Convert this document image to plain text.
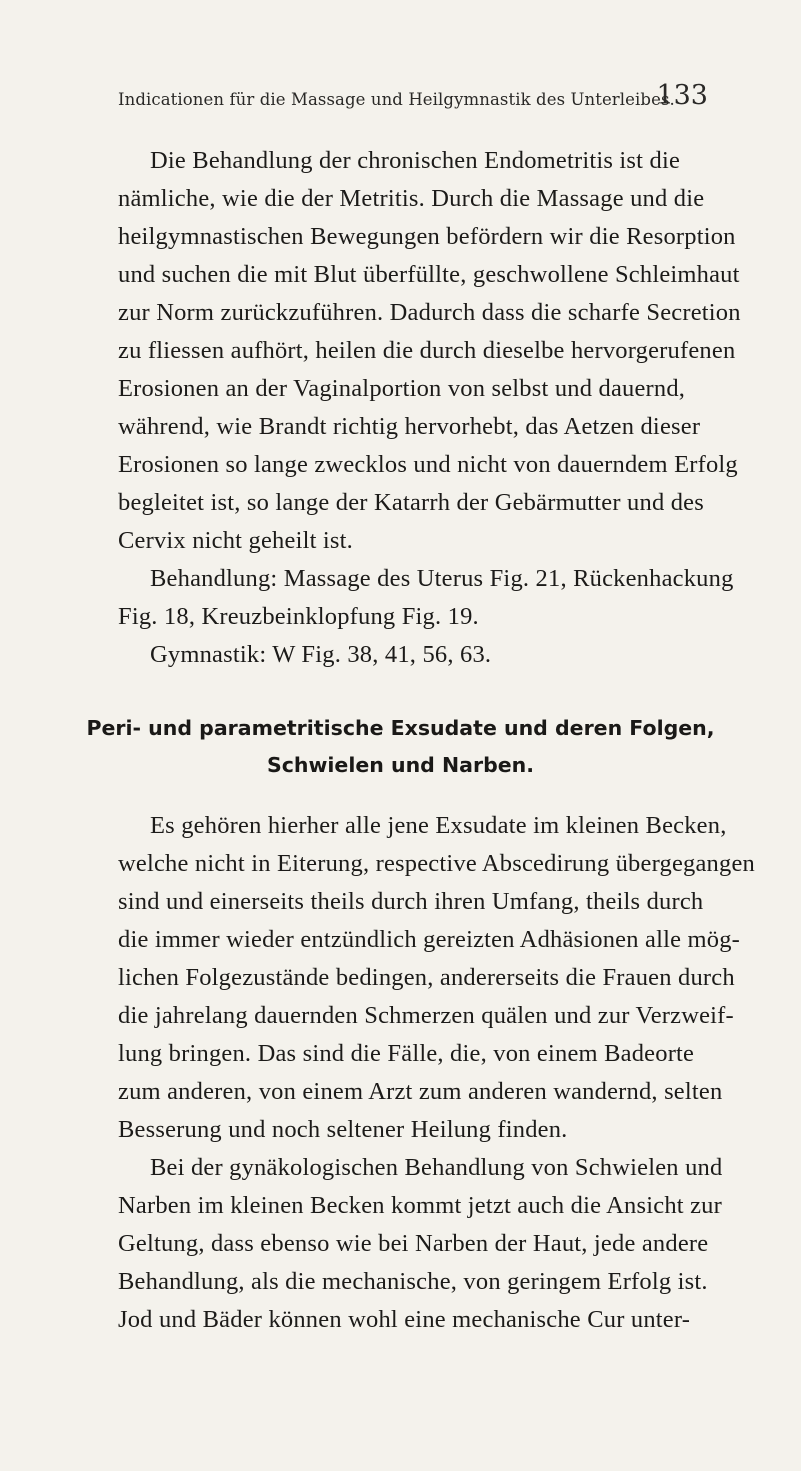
Indicationen für die Massage und Heilgymnastik des Unterleibes.
133
Die Behandlung der chronischen Endometritis ist die
nämliche, wie die der Metritis. Durch die Massage und die
heilgymnastischen Bewegungen befördern wir die Resorption
und suchen die mit Blut überfüllte, geschwollene Schleimhaut
zur Norm zurückzuführen. Dadurch dass die scharfe Secretion
zu fliessen aufhört, heilen die durch dieselbe hervorgerufenen
Erosionen an der Vaginalportion von selbst und dauernd,
während, wie Brandt richtig hervorhebt, das Aetzen dieser
Erosionen so lange zwecklos und nicht von dauerndem Erfolg
begleitet ist, so lange der Katarrh der Gebärmutter und des
Cervix nicht geheilt ist.
Behandlung: Massage des Uterus Fig. 21, Rückenhackung
Fig. 18, Kreuzbeinklopfung Fig. 19.
Gymnastik: W Fig. 38, 41, 56, 63.
Peri- und parametritische Exsudate und deren Folgen,
Schwielen und Narben.
Es gehören hierher alle jene Exsudate im kleinen Becken,
welche nicht in Eiterung, respective Abscedirung übergegangen
sind und einerseits theils durch ihren Umfang, theils durch
die immer wieder entzündlich gereizten Adhäsionen alle mög-
lichen Folgezustände bedingen, andererseits die Frauen durch
die jahrelang dauernden Schmerzen quälen und zur Verzweif-
lung bringen. Das sind die Fälle, die, von einem Badeorte
zum anderen, von einem Arzt zum anderen wandernd, selten
Besserung und noch seltener Heilung finden.
Bei der gynäkologischen Behandlung von Schwielen und
Narben im kleinen Becken kommt jetzt auch die Ansicht zur
Geltung, dass ebenso wie bei Narben der Haut, jede andere
Behandlung, als die mechanische, von geringem Erfolg ist.
Jod und Bäder können wohl eine mechanische Cur unter-
